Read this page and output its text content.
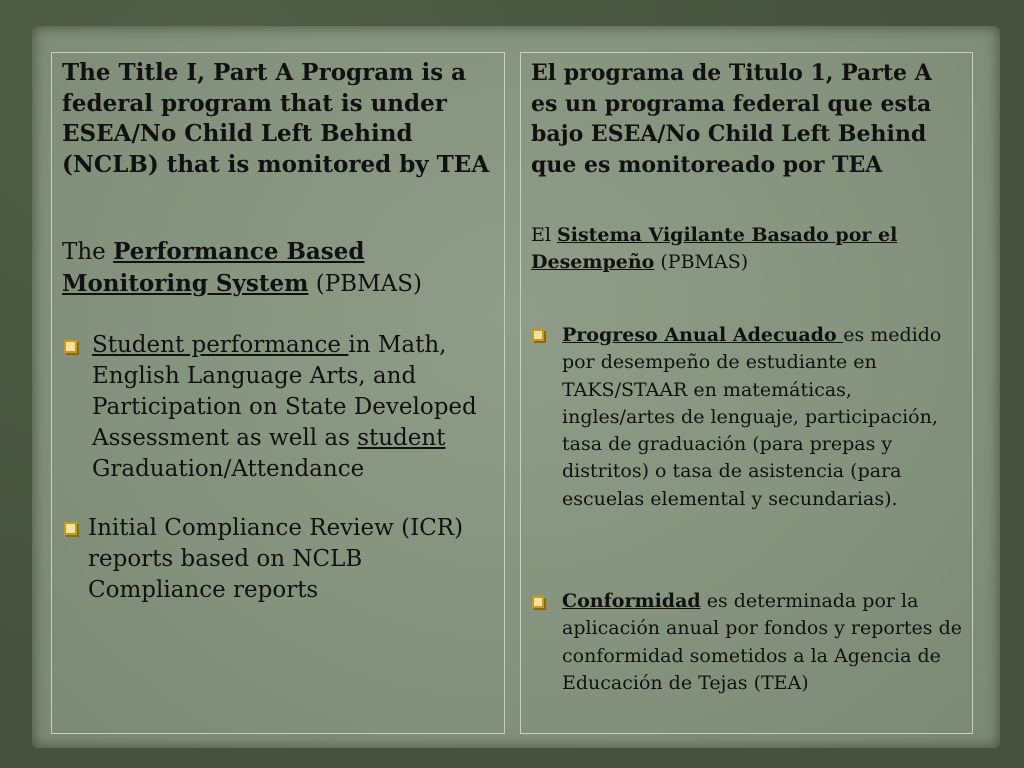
The Title I, Part A Program is a federal program that is under ESEA/No Child Left Behind (NCLB) that is monitored by TEA
The Performance Based Monitoring System (PBMAS)
Student performance in Math, English Language Arts, and Participation on State Developed Assessment as well as student Graduation/Attendance
Initial Compliance Review (ICR) reports based on NCLB Compliance reports
El programa de Titulo 1, Parte A es un programa federal que esta bajo ESEA/No Child Left Behind que es monitoreado por TEA
El Sistema Vigilante Basado por el Desempeño (PBMAS)
Progreso Anual Adecuado es medido por desempeño de estudiante en TAKS/STAAR en matemáticas, ingles/artes de lenguaje, participación, tasa de graduación (para prepas y distritos) o tasa de asistencia (para escuelas elemental y secundarias).
Conformidad es determinada por la aplicación anual por fondos y reportes de conformidad sometidos a la Agencia de Educación de Tejas (TEA)
